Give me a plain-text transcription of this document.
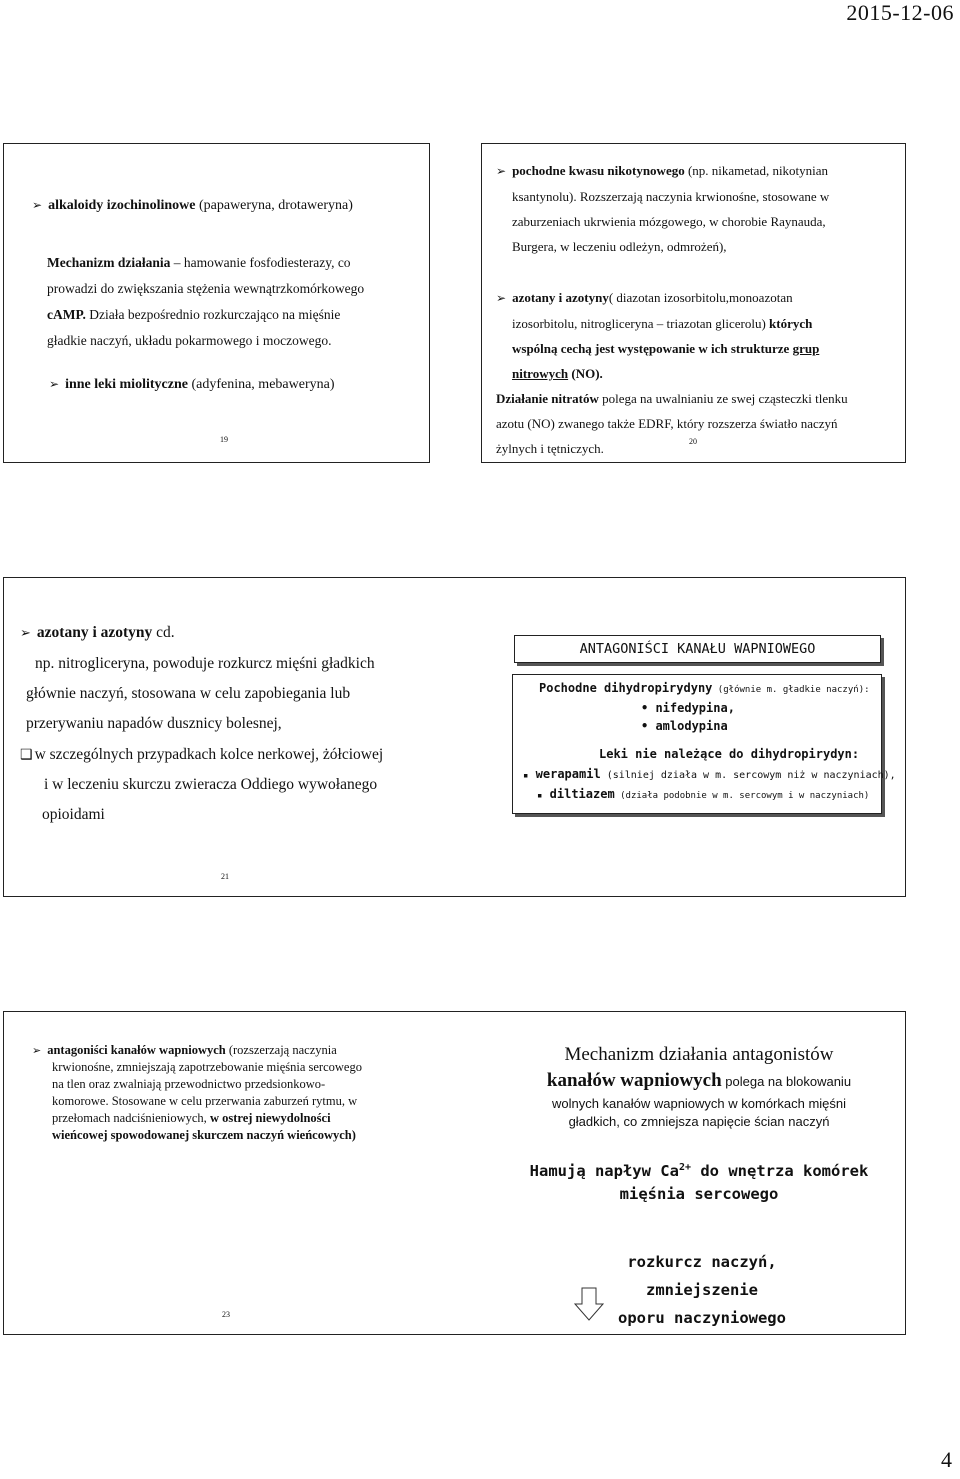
2015-12-06
➢ alkaloidy izochinolinowe (papaweryna, drotaweryna)

Mechanizm działania – hamowanie fosfodiesterazy, co

prowadzi do zwiększania stężenia wewnątrzkomórkowego

cAMP. Działa bezpośrednio rozkurczająco na mięśnie

gładkie naczyń, układu pokarmowego i moczowego.

➢ inne leki miolityczne (adyfenina, mebaweryna)
19

➢ pochodne kwasu nikotynowego (np. nikametad, nikotynian

ksantynolu). Rozszerzają naczynia krwionośne, stosowane w

zaburzeniach ukrwienia mózgowego, w chorobie Raynauda,

Burgera, w leczeniu odleżyn, odmrożeń),

➢ azotany i azotyny( diazotan izosorbitolu,monoazotan

izosorbitolu, nitrogliceryna – triazotan glicerolu) których

wspólną cechą jest występowanie w ich strukturze grup

nitrowych (NO).

Działanie nitratów polega na uwalnianiu ze swej cząsteczki tlenku

azotu (NO) zwanego także EDRF, który rozszerza światło naczyń

żylnych i tętniczych.	20

➢ azotany i azotyny cd.

np. nitrogliceryna, powoduje rozkurcz mięśni gładkich

głównie naczyń, stosowana w celu zapobiegania lub

przerywaniu napadów dusznicy bolesnej,

❑ w szczególnych przypadkach kolce nerkowej, żółciowej

i w leczeniu skurczu zwieracza Oddiego wywołanego

opioidami

21
ANTAGONIŚCI KANAŁU WAPNIOWEGO
Pochodne dihydropirydyny (głównie m. gładkie naczyń):

• nifedypina,

• amlodypina

Leki nie należące do dihydropirydyn:

▪ werapamil (silniej działa w m. sercowym niż w naczyniach),

▪ diltiazem (działa podobnie w m. sercowym i w naczyniach)

➢ antagoniści kanałów wapniowych (rozszerzają naczynia

krwionośne, zmniejszają zapotrzebowanie mięśnia sercowego

na tlen oraz zwalniają przewodnictwo przedsionkowo-

komorowe. Stosowane w celu przerwania zaburzeń rytmu, w

przełomach nadciśnieniowych, w ostrej niewydolności

wieńcowej spowodowanej skurczem naczyń wieńcowych)

23

Mechanizm działania antagonistów

kanałów wapniowych polega na blokowaniu

wolnych kanałów wapniowych w komórkach mięśni

gładkich, co zmniejsza napięcie ścian naczyń

Hamują napływ $Ca^{2+}$ do wnętrza komórek

mięśnia sercowego

rozkurcz naczyń,

zmniejszenie

oporu naczyniowego

4
